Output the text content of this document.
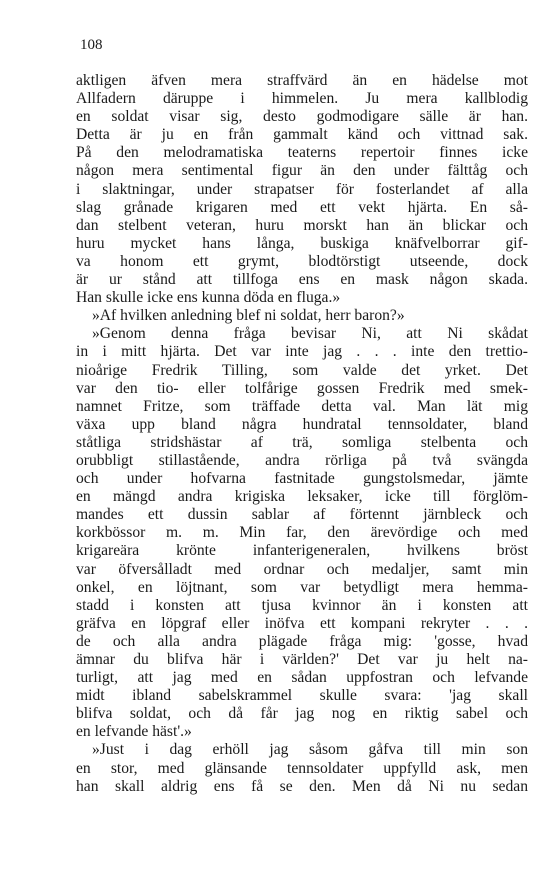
108
aktligen äfven mera straffvärd än en hädelse mot
Allfadern däruppe i himmelen. Ju mera kallblodig
en soldat visar sig, desto godmodigare sälle är han.
Detta är ju en från gammalt känd och vittnad sak.
På den melodramatiska teaterns repertoir finnes icke
någon mera sentimental figur än den under fälttåg och
i slaktningar, under strapatser för fosterlandet af alla
slag grånade krigaren med ett vekt hjärta. En så-
dan stelbent veteran, huru morskt han än blickar och
huru mycket hans långa, buskiga knäfvelborrar gif-
va honom ett grymt, blodtörstigt utseende, dock
är ur stånd att tillfoga ens en mask någon skada.
Han skulle icke ens kunna döda en fluga.»
»Af hvilken anledning blef ni soldat, herr baron?»
»Genom denna fråga bevisar Ni, att Ni skådat
in i mitt hjärta. Det var inte jag . . . inte den trettio-
nioårige Fredrik Tilling, som valde det yrket. Det
var den tio- eller tolfårige gossen Fredrik med smek-
namnet Fritze, som träffade detta val. Man lät mig
växa upp bland några hundratal tennsoldater, bland
ståtliga stridshästar af trä, somliga stelbenta och
orubbligt stillastående, andra rörliga på två svängda
och under hofvarna fastnitade gungstolsmedar, jämte
en mängd andra krigiska leksaker, icke till förglöm-
mandes ett dussin sablar af förtennt järnbleck och
korkbössor m. m. Min far, den ärevördige och med
krigareära krönte infanterigeneralen, hvilkens bröst
var öfversålladt med ordnar och medaljer, samt min
onkel, en löjtnant, som var betydligt mera hemma-
stadd i konsten att tjusa kvinnor än i konsten att
gräfva en löpgraf eller inöfva ett kompani rekryter . . .
de och alla andra plägade fråga mig: 'gosse, hvad
ämnar du blifva här i världen?' Det var ju helt na-
turligt, att jag med en sådan uppfostran och lefvande
midt ibland sabelskrammel skulle svara: 'jag skall
blifva soldat, och då får jag nog en riktig sabel och
en lefvande häst'.»
»Just i dag erhöll jag såsom gåfva till min son
en stor, med glänsande tennsoldater uppfylld ask, men
han skall aldrig ens få se den. Men då Ni nu sedan
